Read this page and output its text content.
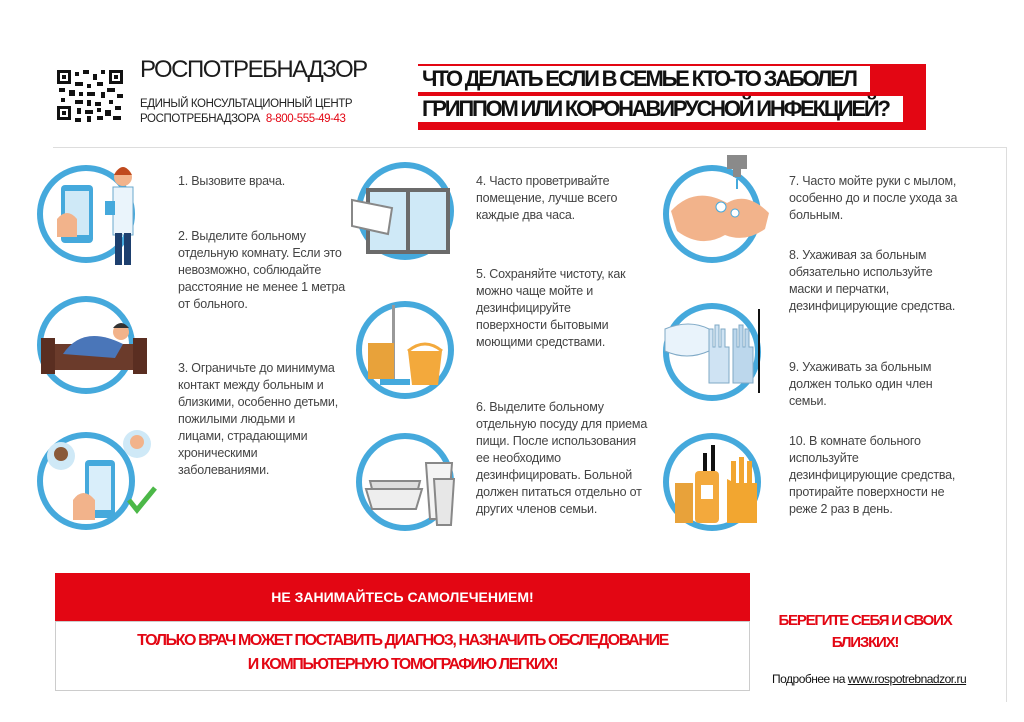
РОСПОТРЕБНАДЗОР
ЕДИНЫЙ КОНСУЛЬТАЦИОННЫЙ ЦЕНТР
РОСПОТРЕБНАДЗОРА 8-800-555-49-43
ЧТО ДЕЛАТЬ ЕСЛИ В СЕМЬЕ КТО-ТО ЗАБОЛЕЛ
ГРИППОМ ИЛИ КОРОНАВИРУСНОЙ ИНФЕКЦИЕЙ?
1. Вызовите врача.
2. Выделите больному отдельную комнату. Если это невозможно, соблюдайте расстояние не менее 1 метра от больного.
3. Ограничьте до минимума контакт между больным и близкими, особенно детьми, пожилыми людьми и лицами, страдающими хроническими заболеваниями.
4. Часто проветривайте помещение, лучше всего каждые два часа.
5. Сохраняйте чистоту, как можно чаще мойте и дезинфицируйте поверхности бытовыми моющими средствами.
6. Выделите больному отдельную посуду для приема пищи. После использования ее необходимо дезинфицировать. Больной должен питаться отдельно от других членов семьи.
7. Часто мойте руки с мылом, особенно до и после ухода за больным.
8. Ухаживая за больным обязательно используйте маски и перчатки, дезинфицирующие средства.
9. Ухаживать за больным должен только один член семьи.
10. В комнате больного используйте дезинфицирующие средства, протирайте поверхности не реже 2 раз в день.
НЕ ЗАНИМАЙТЕСЬ САМОЛЕЧЕНИЕМ!
ТОЛЬКО ВРАЧ МОЖЕТ ПОСТАВИТЬ ДИАГНОЗ, НАЗНАЧИТЬ ОБСЛЕДОВАНИЕ
И КОМПЬЮТЕРНУЮ ТОМОГРАФИЮ ЛЕГКИХ!
БЕРЕГИТЕ СЕБЯ И СВОИХ
БЛИЗКИХ!
Подробнее на www.rospotrebnadzor.ru
